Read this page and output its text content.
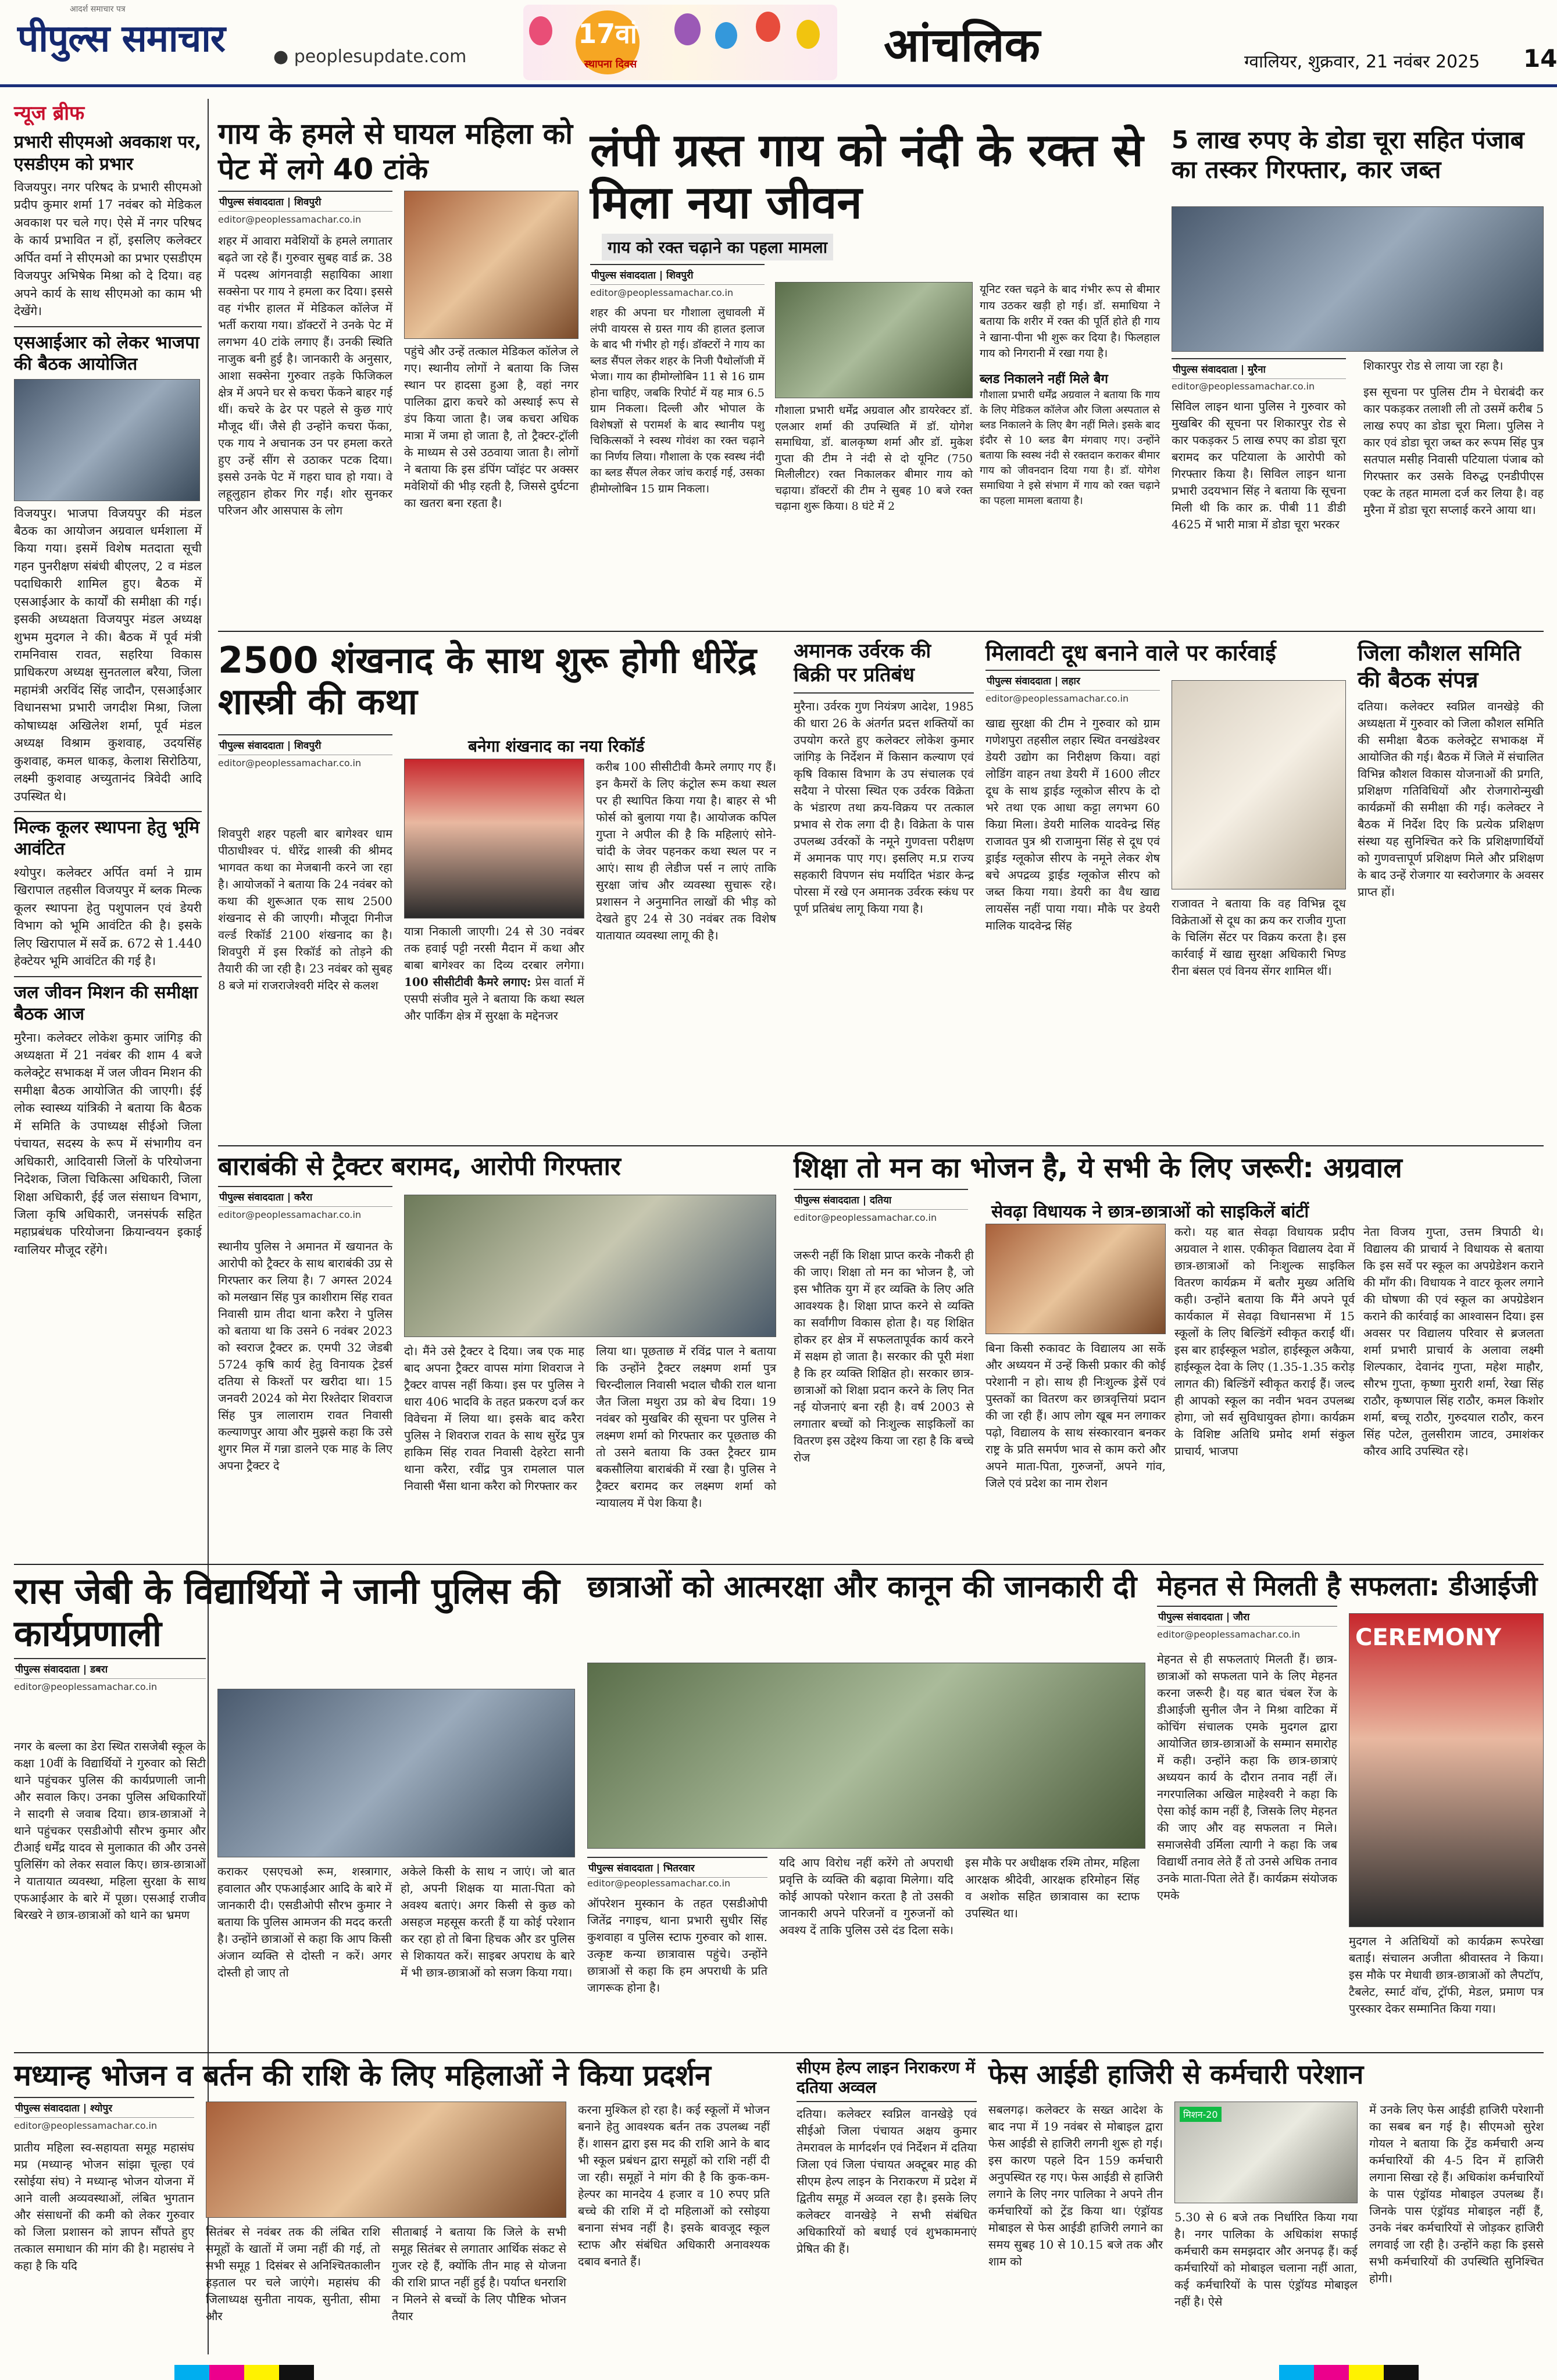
आदर्श समाचार पत्र
पीपुल्स समाचार	● peoplesupdate.com
17वां
स्थापना दिवस	आंचलिक	ग्वालियर, शुक्रवार, 21 नवंबर 2025 14
न्यूज ब्रीफ
प्रभारी सीएमओ अवकाश पर, एसडीएम को प्रभार
विजयपुर। नगर परिषद के प्रभारी सीएमओ प्रदीप कुमार शर्मा 17 नवंबर को मेडिकल अवकाश पर चले गए। ऐसे में नगर परिषद के कार्य प्रभावित न हों, इसलिए कलेक्टर अर्पित वर्मा ने सीएमओ का प्रभार एसडीएम विजयपुर अभिषेक मिश्रा को दे दिया। वह अपने कार्य के साथ सीएमओ का काम भी देखेंगे।
एसआईआर को लेकर भाजपा की बैठक आयोजित
विजयपुर। भाजपा विजयपुर की मंडल बैठक का आयोजन अग्रवाल धर्मशाला में किया गया। इसमें विशेष मतदाता सूची गहन पुनरीक्षण संबंधी बीएलए, 2 व मंडल पदाधिकारी शामिल हुए। बैठक में एसआईआर के कार्यों की समीक्षा की गई। इसकी अध्यक्षता विजयपुर मंडल अध्यक्ष शुभम मुदगल ने की। बैठक में पूर्व मंत्री रामनिवास रावत, सहरिया विकास प्राधिकरण अध्यक्ष सुनतलाल बरैया, जिला महामंत्री अरविंद सिंह जादौन, एसआईआर विधानसभा प्रभारी जगदीश मिश्रा, जिला कोषाध्यक्ष अखिलेश शर्मा, पूर्व मंडल अध्यक्ष विश्राम कुशवाह, उदयसिंह कुशवाह, कमल धाकड़, केलाश सिरोठिया, लक्ष्मी कुशवाह अच्युतानंद त्रिवेदी आदि उपस्थित थे।
मिल्क कूलर स्थापना हेतु भूमि आवंटित
श्योपुर। कलेक्टर अर्पित वर्मा ने ग्राम खिरापाल तहसील विजयपुर में ब्लक मिल्क कूलर स्थापना हेतु पशुपालन एवं डेयरी विभाग को भूमि आवंटित की है। इसके लिए खिरापाल में सर्वे क्र. 672 से 1.440 हेक्टेयर भूमि आवंटित की गई है।
जल जीवन मिशन की समीक्षा बैठक आज
मुरैना। कलेक्टर लोकेश कुमार जांगिड़ की अध्यक्षता में 21 नवंबर की शाम 4 बजे कलेक्ट्रेट सभाकक्ष में जल जीवन मिशन की समीक्षा बैठक आयोजित की जाएगी। ईई लोक स्वास्थ्य यांत्रिकी ने बताया कि बैठक में समिति के उपाध्यक्ष सीईओ जिला पंचायत, सदस्य के रूप में संभागीय वन अधिकारी, आदिवासी जिलों के परियोजना निदेशक, जिला चिकित्सा अधिकारी, जिला शिक्षा अधिकारी, ईई जल संसाधन विभाग, जिला कृषि अधिकारी, जनसंपर्क सहित महाप्रबंधक परियोजना क्रियान्वयन इकाई ग्वालियर मौजूद रहेंगे।
गाय के हमले से घायल महिला को पेट में लगे 40 टांके
पीपुल्स संवाददाता | शिवपुरी
editor@peoplessamachar.co.in
शहर में आवारा मवेशियों के हमले लगातार बढ़ते जा रहे हैं। गुरुवार सुबह वार्ड क्र. 38 में पदस्थ आंगनवाड़ी सहायिका आशा सक्सेना पर गाय ने हमला कर दिया। इससे वह गंभीर हालत में मेडिकल कॉलेज में भर्ती कराया गया। डॉक्टरों ने उनके पेट में लगभग 40 टांके लगाए हैं। उनकी स्थिति नाजुक बनी हुई है। जानकारी के अनुसार, आशा सक्सेना गुरुवार तड़के फिजिकल क्षेत्र में अपने घर से कचरा फेंकने बाहर गई थीं। कचरे के ढेर पर पहले से कुछ गाएं मौजूद थीं। जैसे ही उन्होंने कचरा फेंका, एक गाय ने अचानक उन पर हमला करते हुए उन्हें सींग से उठाकर पटक दिया। इससे उनके पेट में गहरा घाव हो गया। वे लहूलुहान होकर गिर गईं। शोर सुनकर परिजन और आसपास के लोग
पहुंचे और उन्हें तत्काल मेडिकल कॉलेज ले गए। स्थानीय लोगों ने बताया कि जिस स्थान पर हादसा हुआ है, वहां नगर पालिका द्वारा कचरे को अस्थाई रूप से डंप किया जाता है। जब कचरा अधिक मात्रा में जमा हो जाता है, तो ट्रैक्टर-ट्रॉली के माध्यम से उसे उठवाया जाता है। लोगों ने बताया कि इस डंपिंग प्वॉइंट पर अक्सर मवेशियों की भीड़ रहती है, जिससे दुर्घटना का खतरा बना रहता है।
लंपी ग्रस्त गाय को नंदी के रक्त से मिला नया जीवन
गाय को रक्त चढ़ाने का पहला मामला
पीपुल्स संवाददाता | शिवपुरी
editor@peoplessamachar.co.in
शहर की अपना घर गौशाला लुधावली में लंपी वायरस से ग्रस्त गाय की हालत इलाज के बाद भी गंभीर हो गई। डॉक्टरों ने गाय का ब्लड सैंपल लेकर शहर के निजी पैथोलॉजी में भेजा। गाय का हीमोग्लोबिन 11 से 16 ग्राम होना चाहिए, जबकि रिपोर्ट में यह मात्र 6.5 ग्राम निकला। दिल्ली और भोपाल के विशेषज्ञों से परामर्श के बाद स्थानीय पशु चिकित्सकों ने स्वस्थ गोवंश का रक्त चढ़ाने का निर्णय लिया। गौशाला के एक स्वस्थ नंदी का ब्लड सैंपल लेकर जांच कराई गई, उसका हीमोग्लोबिन 15 ग्राम निकला।
गौशाला प्रभारी धर्मेंद्र अग्रवाल और डायरेक्टर डॉ. एलआर शर्मा की उपस्थिति में डॉ. योगेश समाधिया, डॉ. बालकृष्ण शर्मा और डॉ. मुकेश गुप्ता की टीम ने नंदी से दो यूनिट (750 मिलीलीटर) रक्त निकालकर बीमार गाय को चढ़ाया। डॉक्टरों की टीम ने सुबह 10 बजे रक्त चढ़ाना शुरू किया। 8 घंटे में 2
यूनिट रक्त चढ़ने के बाद गंभीर रूप से बीमार गाय उठकर खड़ी हो गई। डॉ. समाधिया ने बताया कि शरीर में रक्त की पूर्ति होते ही गाय ने खाना-पीना भी शुरू कर दिया है। फिलहाल गाय को निगरानी में रखा गया है।
ब्लड निकालने नहीं मिले बैग
गौशाला प्रभारी धर्मेंद्र अग्रवाल ने बताया कि गाय के लिए मेडिकल कॉलेज और जिला अस्पताल से ब्लड निकालने के लिए बैग नहीं मिले। इसके बाद इंदौर से 10 ब्लड बैग मंगवाए गए। उन्होंने बताया कि स्वस्थ नंदी से रक्तदान कराकर बीमार गाय को जीवनदान दिया गया है। डॉ. योगेश समाधिया ने इसे संभाग में गाय को रक्त चढ़ाने का पहला मामला बताया है।
5 लाख रुपए के डोडा चूरा सहित पंजाब का तस्कर गिरफ्तार, कार जब्त
पीपुल्स संवाददाता | मुरैना
editor@peoplessamachar.co.in
सिविल लाइन थाना पुलिस ने गुरुवार को मुखबिर की सूचना पर शिकारपुर रोड से कार पकड़कर 5 लाख रुपए का डोडा चूरा बरामद कर पटियाला के आरोपी को गिरफ्तार किया है। सिविल लाइन थाना प्रभारी उदयभान सिंह ने बताया कि सूचना मिली थी कि कार क्र. पीबी 11 डीडी 4625 में भारी मात्रा में डोडा चूरा भरकर
शिकारपुर रोड से लाया जा रहा है।
इस सूचना पर पुलिस टीम ने घेराबंदी कर कार पकड़कर तलाशी ली तो उसमें करीब 5 लाख रुपए का डोडा चूरा मिला। पुलिस ने कार एवं डोडा चूरा जब्त कर रूपम सिंह पुत्र सतपाल मसीह निवासी पटियाला पंजाब को गिरफ्तार कर उसके विरुद्ध एनडीपीएस एक्ट के तहत मामला दर्ज कर लिया है। वह मुरैना में डोडा चूरा सप्लाई करने आया था।
2500 शंखनाद के साथ शुरू होगी धीरेंद्र शास्त्री की कथा
बनेगा शंखनाद का नया रिकॉर्ड
पीपुल्स संवाददाता | शिवपुरी
editor@peoplessamachar.co.in
शिवपुरी शहर पहली बार बागेश्वर धाम पीठाधीश्वर पं. धीरेंद्र शास्त्री की श्रीमद भागवत कथा का मेजबानी करने जा रहा है। आयोजकों ने बताया कि 24 नवंबर को कथा की शुरूआत एक साथ 2500 शंखनाद से की जाएगी। मौजूदा गिनीज वर्ल्ड रिकॉर्ड 2100 शंखनाद का है। शिवपुरी में इस रिकॉर्ड को तोड़ने की तैयारी की जा रही है। 23 नवंबर को सुबह 8 बजे मां राजराजेश्वरी मंदिर से कलश
यात्रा निकाली जाएगी। 24 से 30 नवंबर तक हवाई पट्टी नरसी मैदान में कथा और बाबा बागेश्वर का दिव्य दरबार लगेगा। 100 सीसीटीवी कैमरे लगाए: प्रेस वार्ता में एसपी संजीव मुले ने बताया कि कथा स्थल और पार्किंग क्षेत्र में सुरक्षा के मद्देनजर
करीब 100 सीसीटीवी कैमरे लगाए गए हैं। इन कैमरों के लिए कंट्रोल रूम कथा स्थल पर ही स्थापित किया गया है। बाहर से भी फोर्स को बुलाया गया है। आयोजक कपिल गुप्ता ने अपील की है कि महिलाएं सोने-चांदी के जेवर पहनकर कथा स्थल पर न आएं। साथ ही लेडीज पर्स न लाएं ताकि सुरक्षा जांच और व्यवस्था सुचारू रहे। प्रशासन ने अनुमानित लाखों की भीड़ को देखते हुए 24 से 30 नवंबर तक विशेष यातायात व्यवस्था लागू की है।
अमानक उर्वरक की बिक्री पर प्रतिबंध
मुरैना। उर्वरक गुण नियंत्रण आदेश, 1985 की धारा 26 के अंतर्गत प्रदत्त शक्तियों का उपयोग करते हुए कलेक्टर लोकेश कुमार जांगिड़ के निर्देशन में किसान कल्याण एवं कृषि विकास विभाग के उप संचालक एवं सदैया ने पोरसा स्थित एक उर्वरक विक्रेता के भंडारण तथा क्रय-विक्रय पर तत्काल प्रभाव से रोक लगा दी है। विक्रेता के पास उपलब्ध उर्वरकों के नमूने गुणवत्ता परीक्षण में अमानक पाए गए। इसलिए म.प्र राज्य सहकारी विपणन संघ मर्यादित भंडार केन्द्र पोरसा में रखे एन अमानक उर्वरक स्कंध पर पूर्ण प्रतिबंध लागू किया गया है।
मिलावटी दूध बनाने वाले पर कार्रवाई
पीपुल्स संवाददाता | लहार
editor@peoplessamachar.co.in
खाद्य सुरक्षा की टीम ने गुरुवार को ग्राम गणेशपुरा तहसील लहार स्थित वनखंडेश्वर डेयरी उद्योग का निरीक्षण किया। वहां लोडिंग वाहन तथा डेयरी में 1600 लीटर दूध के साथ ड्राईड ग्लूकोज सीरप के दो भरे तथा एक आधा कट्टा लगभग 60 किग्रा मिला। डेयरी मालिक यादवेन्द्र सिंह राजावत पुत्र श्री राजामुना सिंह से दूध एवं ड्राईड ग्लूकोज सीरप के नमूने लेकर शेष बचे अपद्रव्य ड्राईड ग्लूकोज सीरप को जब्त किया गया। डेयरी का वैध खाद्य लायसेंस नहीं पाया गया। मौके पर डेयरी मालिक यादवेन्द्र सिंह
राजावत ने बताया कि वह विभिन्न दूध विक्रेताओं से दूध का क्रय कर राजीव गुप्ता के चिलिंग सेंटर पर विक्रय करता है। इस कार्रवाई में खाद्य सुरक्षा अधिकारी भिण्ड रीना बंसल एवं विनय सेंगर शामिल थीं।
जिला कौशल समिति की बैठक संपन्न
दतिया। कलेक्टर स्वप्निल वानखेड़े की अध्यक्षता में गुरुवार को जिला कौशल समिति की समीक्षा बैठक कलेक्ट्रेट सभाकक्ष में आयोजित की गई। बैठक में जिले में संचालित विभिन्न कौशल विकास योजनाओं की प्रगति, प्रशिक्षण गतिविधियों और रोजगारोन्मुखी कार्यक्रमों की समीक्षा की गई। कलेक्टर ने बैठक में निर्देश दिए कि प्रत्येक प्रशिक्षण संस्था यह सुनिश्चित करे कि प्रशिक्षणार्थियों को गुणवत्तापूर्ण प्रशिक्षण मिले और प्रशिक्षण के बाद उन्हें रोजगार या स्वरोजगार के अवसर प्राप्त हों।
बाराबंकी से ट्रैक्टर बरामद, आरोपी गिरफ्तार
पीपुल्स संवाददाता | करैरा
editor@peoplessamachar.co.in
स्थानीय पुलिस ने अमानत में खयानत के आरोपी को ट्रैक्टर के साथ बाराबंकी उप्र से गिरफ्तार कर लिया है। 7 अगस्त 2024 को मलखान सिंह पुत्र काशीराम सिंह रावत निवासी ग्राम तीदा थाना करैरा ने पुलिस को बताया था कि उसने 6 नवंबर 2023 को स्वराज ट्रैक्टर क्र. एमपी 32 जेडबी 5724 कृषि कार्य हेतु विनायक ट्रेडर्स दतिया से किश्तों पर खरीदा था। 15 जनवरी 2024 को मेरा रिश्तेदार शिवराज सिंह पुत्र लालाराम रावत निवासी कल्याणपुर आया और मुझसे कहा कि उसे शुगर मिल में गन्ना डालने एक माह के लिए अपना ट्रैक्टर दे
दो। मैंने उसे ट्रैक्टर दे दिया। जब एक माह बाद अपना ट्रैक्टर वापस मांगा शिवराज ने ट्रैक्टर वापस नहीं किया। इस पर पुलिस ने धारा 406 भादवि के तहत प्रकरण दर्ज कर विवेचना में लिया था। इसके बाद करैरा पुलिस ने शिवराज रावत के साथ सुरेंद्र पुत्र हाकिम सिंह रावत निवासी देहरेटा सानी थाना करैरा, रवींद्र पुत्र रामलाल पाल निवासी भैंसा थाना करैरा को गिरफ्तार कर
लिया था। पूछताछ में रविंद्र पाल ने बताया कि उन्होंने ट्रैक्टर लक्ष्मण शर्मा पुत्र चिरन्दीलाल निवासी भदाल चौकी राल थाना जैत जिला मथुरा उप्र को बेच दिया। 19 नवंबर को मुखबिर की सूचना पर पुलिस ने लक्ष्मण शर्मा को गिरफ्तार कर पूछताछ की तो उसने बताया कि उक्त ट्रैक्टर ग्राम बकसौलिया बाराबंकी में रखा है। पुलिस ने ट्रैक्टर बरामद कर लक्ष्मण शर्मा को न्यायालय में पेश किया है।
शिक्षा तो मन का भोजन है, ये सभी के लिए जरूरी: अग्रवाल
पीपुल्स संवाददाता | दतिया
editor@peoplessamachar.co.in	सेवढ़ा विधायक ने छात्र-छात्राओं को साइकिलें बांटीं
जरूरी नहीं कि शिक्षा प्राप्त करके नौकरी ही की जाए। शिक्षा तो मन का भोजन है, जो इस भौतिक युग में हर व्यक्ति के लिए अति आवश्यक है। शिक्षा प्राप्त करने से व्यक्ति का सर्वांगीण विकास होता है। यह शिक्षित होकर हर क्षेत्र में सफलतापूर्वक कार्य करने में सक्षम हो जाता है। सरकार की पूरी मंशा है कि हर व्यक्ति शिक्षित हो। सरकार छात्र-छात्राओं को शिक्षा प्रदान करने के लिए नित नई योजनाएं बना रही है। वर्ष 2003 से लगातार बच्चों को निःशुल्क साइकिलों का वितरण इस उद्देश्य किया जा रहा है कि बच्चे रोज
बिना किसी रुकावट के विद्यालय आ सकें और अध्ययन में उन्हें किसी प्रकार की कोई परेशानी न हो। साथ ही निःशुल्क ड्रेसें एवं पुस्तकों का वितरण कर छात्रवृत्तियां प्रदान की जा रही हैं। आप लोग खूब मन लगाकर पढ़ो, विद्यालय के साथ संस्कारवान बनकर राष्ट्र के प्रति समर्पण भाव से काम करो और अपने माता-पिता, गुरुजनों, अपने गांव, जिले एवं प्रदेश का नाम रोशन
करो। यह बात सेवढ़ा विधायक प्रदीप अग्रवाल ने शास. एकीकृत विद्यालय देवा में छात्र-छात्राओं को निःशुल्क साइकिल वितरण कार्यक्रम में बतौर मुख्य अतिथि कही। उन्होंने बताया कि मैंने अपने पूर्व कार्यकाल में सेवढ़ा विधानसभा में 15 स्कूलों के लिए बिल्डिंगें स्वीकृत कराईं थीं। इस बार हाईस्कूल भडोल, हाईस्कूल अकैया, हाईस्कूल देवा के लिए (1.35-1.35 करोड़ लागत की) बिल्डिंगें स्वीकृत कराई हैं। जल्द ही आपको स्कूल का नवीन भवन उपलब्ध होगा, जो सर्व सुविधायुक्त होगा। कार्यक्रम के विशिष्ट अतिथि प्रमोद शर्मा संकुल प्राचार्य, भाजपा
नेता विजय गुप्ता, उत्तम त्रिपाठी थे। विद्यालय की प्राचार्य ने विधायक से बताया कि इस सर्वे पर स्कूल का अपग्रेडेशन कराने की माँग की। विधायक ने वाटर कूलर लगाने की घोषणा की एवं स्कूल का अपग्रेडेशन कराने की कार्रवाई का आश्वासन दिया। इस अवसर पर विद्यालय परिवार से ब्रजलता शर्मा प्रभारी प्राचार्य के अलावा लक्ष्मी शिल्पकार, देवानंद गुप्ता, महेश माहौर, सौरभ गुप्ता, कृष्णा मुरारी शर्मा, रेखा सिंह राठौर, कृष्णपाल सिंह राठौर, कमल किशोर शर्मा, बच्चू राठौर, गुरुदयाल राठौर, करन सिंह पटेल, तुलसीराम जाटव, उमाशंकर कौरव आदि उपस्थित रहे।
रास जेबी के विद्यार्थियों ने जानी पुलिस की कार्यप्रणाली
पीपुल्स संवाददाता | डबरा
editor@peoplessamachar.co.in
नगर के बल्ला का डेरा स्थित रासजेबी स्कूल के कक्षा 10वीं के विद्यार्थियों ने गुरुवार को सिटी थाने पहुंचकर पुलिस की कार्यप्रणाली जानी और सवाल किए। उनका पुलिस अधिकारियों ने सादगी से जवाब दिया। छात्र-छात्राओं ने थाने पहुंचकर एसडीओपी सौरभ कुमार और टीआई धर्मेंद्र यादव से मुलाकात की और उनसे पुलिसिंग को लेकर सवाल किए। छात्र-छात्राओं ने यातायात व्यवस्था, महिला सुरक्षा के साथ एफआईआर के बारे में पूछा। एसआई राजीव बिरखरे ने छात्र-छात्राओं को थाने का भ्रमण
कराकर एसएचओ रूम, शस्त्रागार, हवालात और एफआईआर आदि के बारे में जानकारी दी। एसडीओपी सौरभ कुमार ने बताया कि पुलिस आमजन की मदद करती है। उन्होंने छात्राओं से कहा कि आप किसी अंजान व्यक्ति से दोस्ती न करें। अगर दोस्ती हो जाए तो
अकेले किसी के साथ न जाएं। जो बात हो, अपनी शिक्षक या माता-पिता को अवश्य बताएं। अगर किसी से कुछ को असहज महसूस करती हैं या कोई परेशान कर रहा हो तो बिना हिचक और डर पुलिस से शिकायत करें। साइबर अपराध के बारे में भी छात्र-छात्राओं को सजग किया गया।
छात्राओं को आत्मरक्षा और कानून की जानकारी दी
पीपुल्स संवाददाता | भितरवार
editor@peoplessamachar.co.in
ऑपरेशन मुस्कान के तहत एसडीओपी जितेंद्र नगाइच, थाना प्रभारी सुधीर सिंह कुशवाहा व पुलिस स्टाफ गुरुवार को शास. उत्कृष्ट कन्या छात्रावास पहुंचे। उन्होंने छात्राओं से कहा कि हम अपराधी के प्रति जागरूक होना है।
यदि आप विरोध नहीं करेंगे तो अपराधी प्रवृत्ति के व्यक्ति की बढ़ावा मिलेगा। यदि कोई आपको परेशान करता है तो उसकी जानकारी अपने परिजनों व गुरुजनों को अवश्य दें ताकि पुलिस उसे दंड दिला सके। इस मौके पर अधीक्षक रश्मि तोमर, महिला आरक्षक श्रीदेवी, आरक्षक हरिमोहन सिंह व अशोक सहित छात्रावास का स्टाफ उपस्थित था।
मेहनत से मिलती है सफलता: डीआईजी
पीपुल्स संवाददाता | जौरा
editor@peoplessamachar.co.in
मेहनत से ही सफलताएं मिलती हैं। छात्र-छात्राओं को सफलता पाने के लिए मेहनत करना जरूरी है। यह बात चंबल रेंज के डीआईजी सुनील जैन ने मिश्रा वाटिका में कोचिंग संचालक एमके मुदगल द्वारा आयोजित छात्र-छात्राओं के सम्मान समारोह में कही। उन्होंने कहा कि छात्र-छात्राएं अध्ययन कार्य के दौरान तनाव नहीं लें। नगरपालिका अखिल माहेश्वरी ने कहा कि ऐसा कोई काम नहीं है, जिसके लिए मेहनत की जाए और वह सफलता न मिले। समाजसेवी उर्मिला त्यागी ने कहा कि जब विद्यार्थी तनाव लेते हैं तो उनसे अधिक तनाव उनके माता-पिता लेते हैं। कार्यक्रम संयोजक एमके
CEREMONY
मुदगल ने अतिथियों को कार्यक्रम रूपरेखा बताई। संचालन अजीता श्रीवास्तव ने किया। इस मौके पर मेधावी छात्र-छात्राओं को लैपटॉप, टैबलेट, स्मार्ट वॉच, ट्रॉफी, मेडल, प्रमाण पत्र पुरस्कार देकर सम्मानित किया गया।
मध्यान्ह भोजन व बर्तन की राशि के लिए महिलाओं ने किया प्रदर्शन
पीपुल्स संवाददाता | श्योपुर
editor@peoplessamachar.co.in
प्रातीय महिला स्व-सहायता समूह महासंघ मप्र (मध्यान्ह भोजन सांझा चूल्हा एवं रसोईया संघ) ने मध्यान्ह भोजन योजना में आने वाली अव्यवस्थाओं, लंबित भुगतान और संसाधनों की कमी को लेकर गुरुवार को जिला प्रशासन को ज्ञापन सौंपते हुए तत्काल समाधान की मांग की है। महासंघ ने कहा है कि यदि
सितंबर से नवंबर तक की लंबित राशि समूहों के खातों में जमा नहीं की गई, तो सभी समूह 1 दिसंबर से अनिश्चितकालीन हड़ताल पर चले जाएंगे। महासंघ की जिलाध्यक्ष सुनीता नायक, सुनीता, सीमा और
सीताबाई ने बताया कि जिले के सभी समूह सितंबर से लगातार आर्थिक संकट से गुजर रहे हैं, क्योंकि तीन माह से योजना की राशि प्राप्त नहीं हुई है। पर्याप्त धनराशि न मिलने से बच्चों के लिए पौष्टिक भोजन तैयार
करना मुश्किल हो रहा है। कई स्कूलों में भोजन बनाने हेतु आवश्यक बर्तन तक उपलब्ध नहीं हैं। शासन द्वारा इस मद की राशि आने के बाद भी स्कूल प्रबंधन द्वारा समूहों को राशि नहीं दी जा रही। समूहों ने मांग की है कि कुक-कम-हेल्पर का मानदेय 4 हजार व 10 रुपए प्रति बच्चे की राशि में दो महिलाओं को रसोइया बनाना संभव नहीं है। इसके बावजूद स्कूल स्टाफ और संबंधित अधिकारी अनावश्यक दबाव बनाते हैं।
सीएम हेल्प लाइन निराकरण में दतिया अव्वल
दतिया। कलेक्टर स्वप्निल वानखेड़े एवं सीईओ जिला पंचायत अक्षय कुमार तेमरावल के मार्गदर्शन एवं निर्देशन में दतिया जिला एवं जिला पंचायत अक्टूबर माह की सीएम हेल्प लाइन के निराकरण में प्रदेश में द्वितीय समूह में अव्वल रहा है। इसके लिए कलेक्टर वानखेड़े ने सभी संबंधित अधिकारियों को बधाई एवं शुभकामनाएं प्रेषित की हैं।
फेस आईडी हाजिरी से कर्मचारी परेशान
सबलगढ़। कलेक्टर के सख्त आदेश के बाद नपा में 19 नवंबर से मोबाइल द्वारा फेस आईडी से हाजिरी लगनी शुरू हो गई। इस कारण पहले दिन 159 कर्मचारी अनुपस्थित रह गए। फेस आईडी से हाजिरी लगाने के लिए नगर पालिका ने अपने तीन कर्मचारियों को ट्रेंड किया था। एंड्रॉयड मोबाइल से फेस आईडी हाजिरी लगाने का समय सुबह 10 से 10.15 बजे तक और शाम को
मिशन-20
5.30 से 6 बजे तक निर्धारित किया गया है। नगर पालिका के अधिकांश सफाई कर्मचारी कम समझदार और अनपढ़ हैं। कई कर्मचारियों को मोबाइल चलाना नहीं आता, कई कर्मचारियों के पास एंड्रॉयड मोबाइल नहीं है। ऐसे
में उनके लिए फेस आईडी हाजिरी परेशानी का सबब बन गई है। सीएमओ सुरेश गोयल ने बताया कि ट्रेंड कर्मचारी अन्य कर्मचारियों की 4-5 दिन में हाजिरी लगाना सिखा रहे हैं। अधिकांश कर्मचारियों के पास एंड्रॉयड मोबाइल उपलब्ध हैं। जिनके पास एंड्रॉयड मोबाइल नहीं हैं, उनके नंबर कर्मचारियों से जोड़कर हाजिरी लगवाई जा रही है। उन्होंने कहा कि इससे सभी कर्मचारियों की उपस्थिति सुनिश्चित होगी।
